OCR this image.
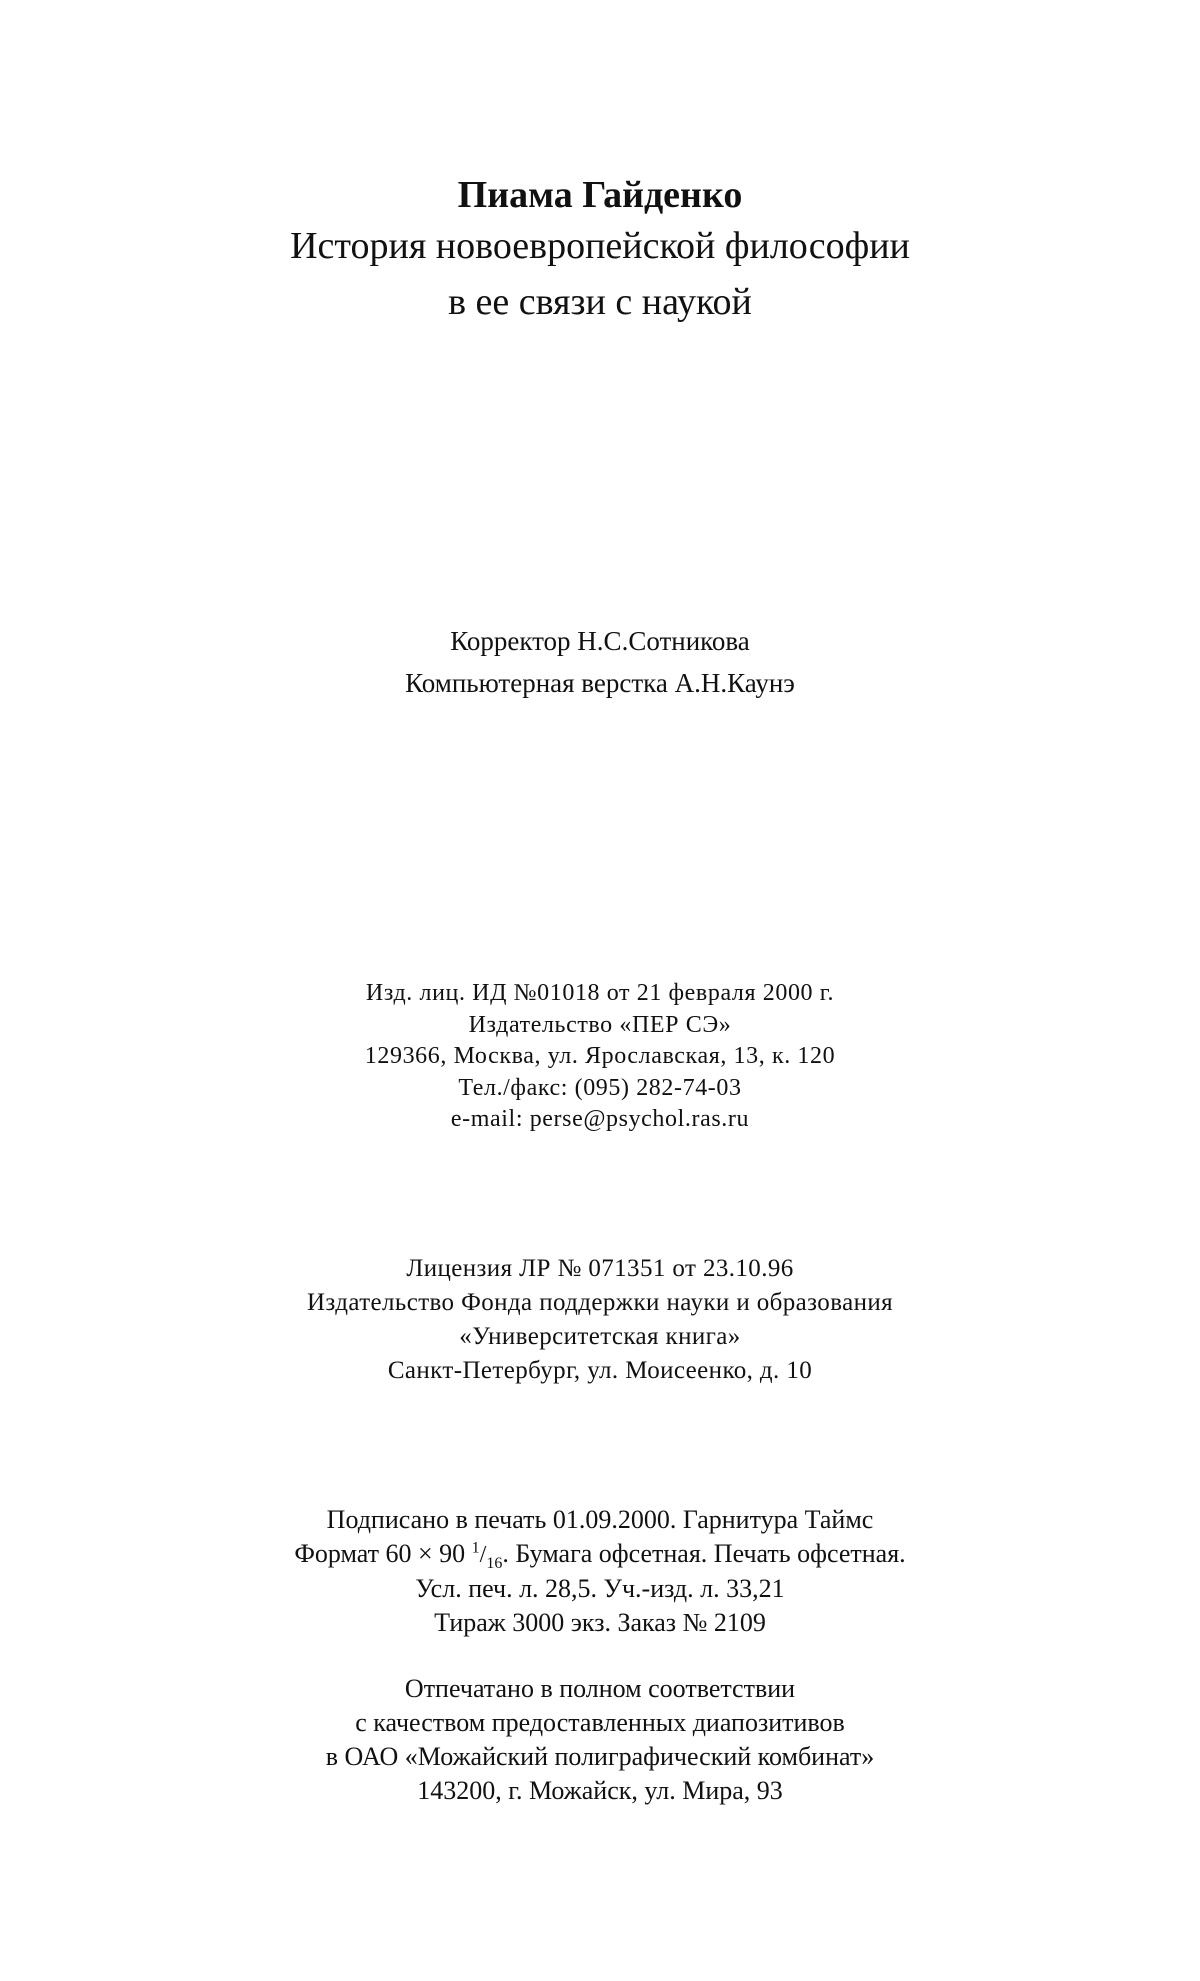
Пиама Гайденко
История новоевропейской философии
в ее связи с наукой
Корректор Н.С.Сотникова
Компьютерная верстка А.Н.Каунэ
Изд. лиц. ИД №01018 от 21 февраля 2000 г.
Издательство «ПЕР СЭ»
129366, Москва, ул. Ярославская, 13, к. 120
Тел./факс: (095) 282-74-03
e-mail: perse@psychol.ras.ru
Лицензия ЛР № 071351 от 23.10.96
Издательство Фонда поддержки науки и образования
«Университетская книга»
Санкт-Петербург, ул. Моисеенко, д. 10
Подписано в печать 01.09.2000. Гарнитура Таймс
Формат 60 × 90 $^1/_{16}$. Бумага офсетная. Печать офсетная.
Усл. печ. л. 28,5. Уч.-изд. л. 33,21
Тираж 3000 экз. Заказ № 2109
Отпечатано в полном соответствии
с качеством предоставленных диапозитивов
в ОАО «Можайский полиграфический комбинат»
143200, г. Можайск, ул. Мира, 93
